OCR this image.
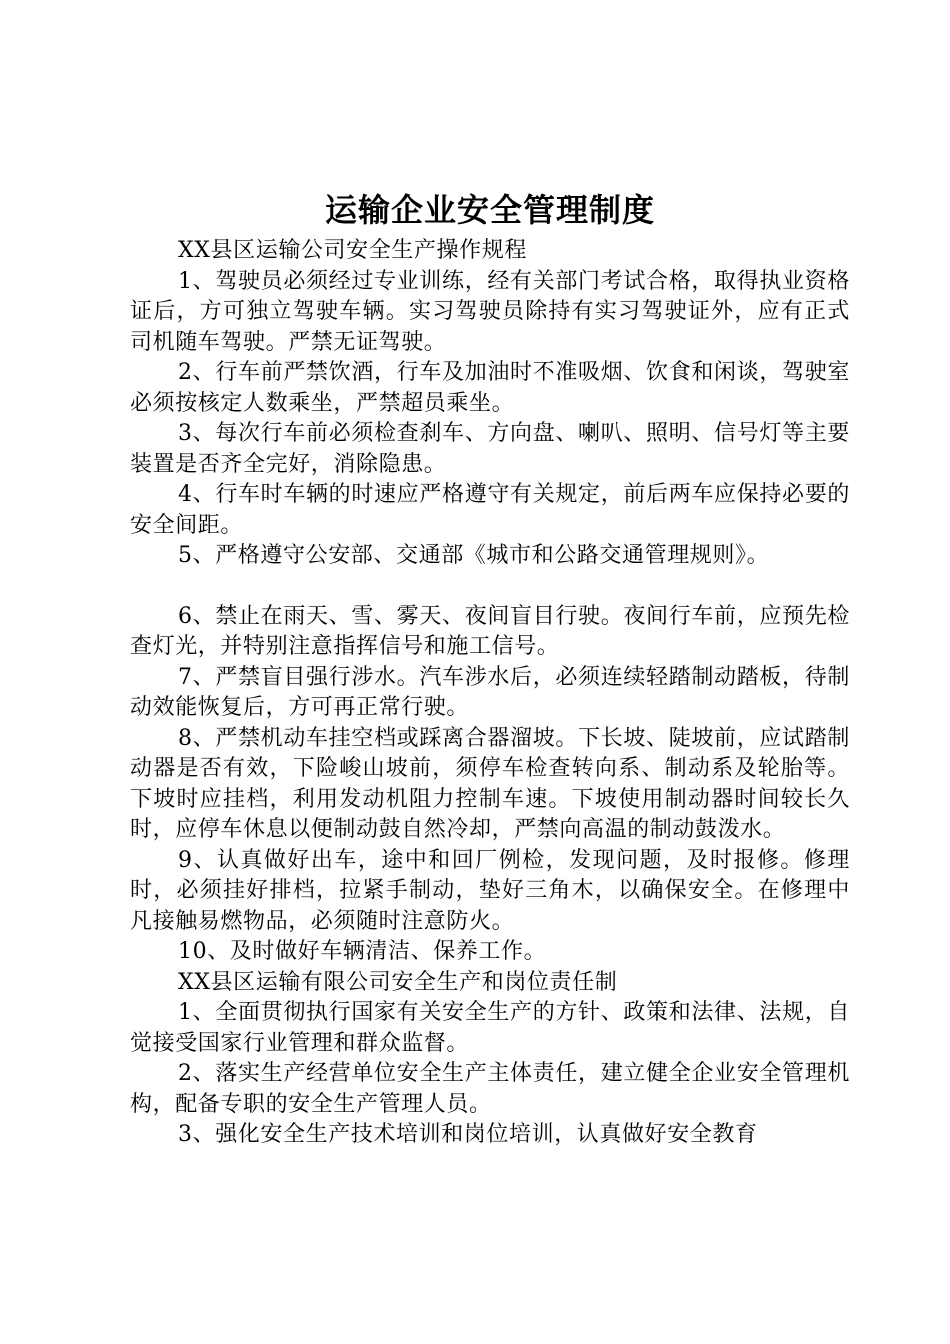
运输企业安全管理制度

XX县区运输公司安全生产操作规程

1、驾驶员必须经过专业训练，经有关部门考试合格，取得执业资格证后，方可独立驾驶车辆。实习驾驶员除持有实习驾驶证外，应有正式司机随车驾驶。严禁无证驾驶。

2、行车前严禁饮酒，行车及加油时不准吸烟、饮食和闲谈，驾驶室必须按核定人数乘坐，严禁超员乘坐。

3、每次行车前必须检查刹车、方向盘、喇叭、照明、信号灯等主要装置是否齐全完好，消除隐患。

4、行车时车辆的时速应严格遵守有关规定，前后两车应保持必要的安全间距。

5、严格遵守公安部、交通部《城市和公路交通管理规则》。

6、禁止在雨天、雪、雾天、夜间盲目行驶。夜间行车前，应预先检查灯光，并特别注意指挥信号和施工信号。

7、严禁盲目强行涉水。汽车涉水后，必须连续轻踏制动踏板，待制动效能恢复后，方可再正常行驶。

8、严禁机动车挂空档或踩离合器溜坡。下长坡、陡坡前，应试踏制动器是否有效，下险峻山坡前，须停车检查转向系、制动系及轮胎等。下坡时应挂档，利用发动机阻力控制车速。下坡使用制动器时间较长久时，应停车休息以便制动鼓自然冷却，严禁向高温的制动鼓泼水。

9、认真做好出车，途中和回厂例检，发现问题，及时报修。修理时，必须挂好排档，拉紧手制动，垫好三角木，以确保安全。在修理中凡接触易燃物品，必须随时注意防火。

10、及时做好车辆清洁、保养工作。

XX县区运输有限公司安全生产和岗位责任制

1、全面贯彻执行国家有关安全生产的方针、政策和法律、法规，自觉接受国家行业管理和群众监督。

2、落实生产经营单位安全生产主体责任，建立健全企业安全管理机构，配备专职的安全生产管理人员。

3、强化安全生产技术培训和岗位培训，认真做好安全教育
